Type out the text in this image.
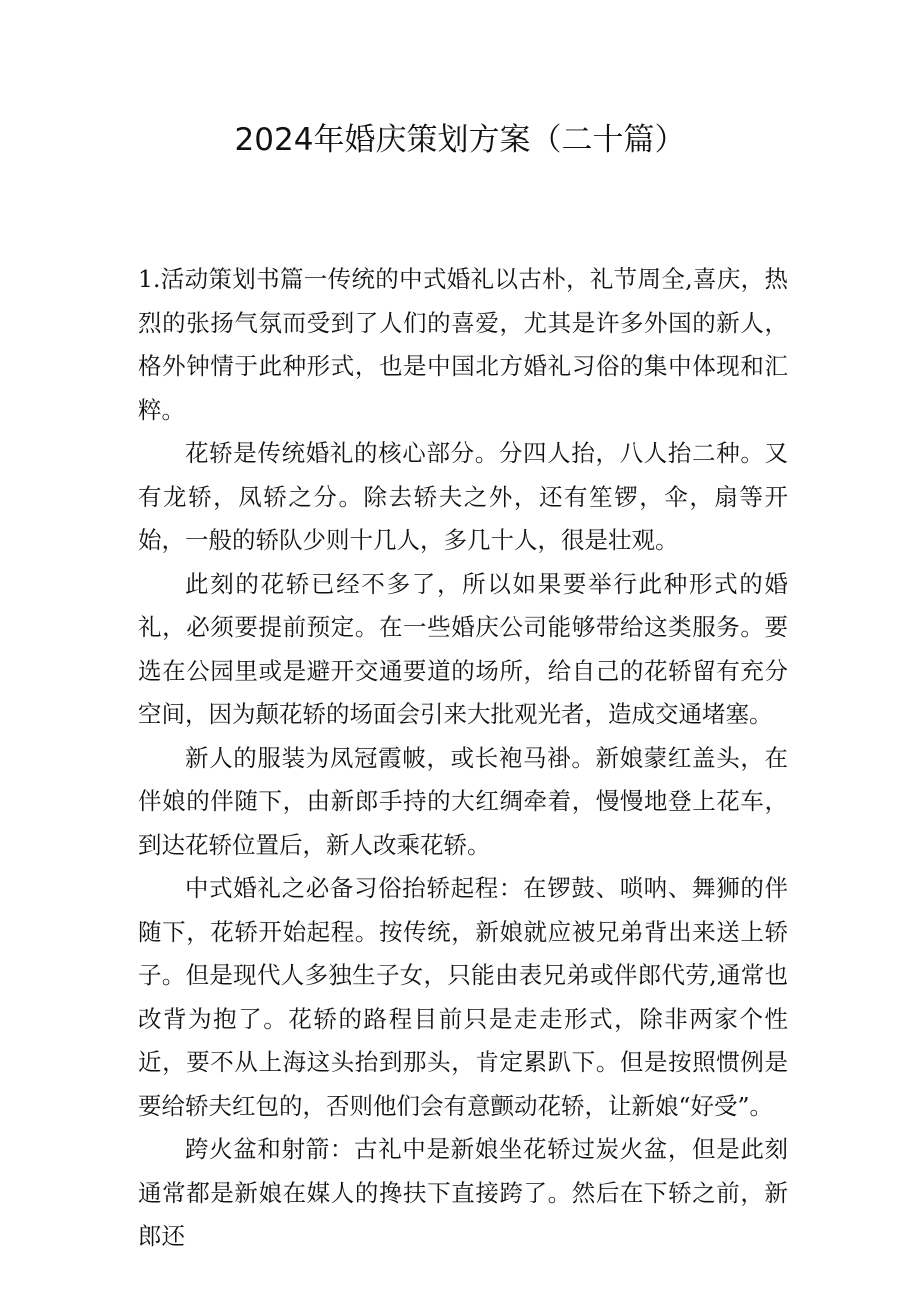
2024年婚庆策划方案（二十篇）

1.活动策划书篇一传统的中式婚礼以古朴，礼节周全,喜庆，热烈的张扬气氛而受到了人们的喜爱，尤其是许多外国的新人，格外钟情于此种形式，也是中国北方婚礼习俗的集中体现和汇粹。

花轿是传统婚礼的核心部分。分四人抬，八人抬二种。又有龙轿，凤轿之分。除去轿夫之外，还有笙锣，伞，扇等开始，一般的轿队少则十几人，多几十人，很是壮观。

此刻的花轿已经不多了，所以如果要举行此种形式的婚礼，必须要提前预定。在一些婚庆公司能够带给这类服务。要选在公园里或是避开交通要道的场所，给自己的花轿留有充分空间，因为颠花轿的场面会引来大批观光者，造成交通堵塞。

新人的服装为凤冠霞帔，或长袍马褂。新娘蒙红盖头，在伴娘的伴随下，由新郎手持的大红绸牵着，慢慢地登上花车，到达花轿位置后，新人改乘花轿。

中式婚礼之必备习俗抬轿起程：在锣鼓、唢呐、舞狮的伴随下，花轿开始起程。按传统，新娘就应被兄弟背出来送上轿子。但是现代人多独生子女，只能由表兄弟或伴郎代劳,通常也改背为抱了。花轿的路程目前只是走走形式，除非两家个性近，要不从上海这头抬到那头，肯定累趴下。但是按照惯例是要给轿夫红包的，否则他们会有意颤动花轿，让新娘“好受”。

跨火盆和射箭：古礼中是新娘坐花轿过炭火盆，但是此刻通常都是新娘在媒人的搀扶下直接跨了。然后在下轿之前，新郎还
